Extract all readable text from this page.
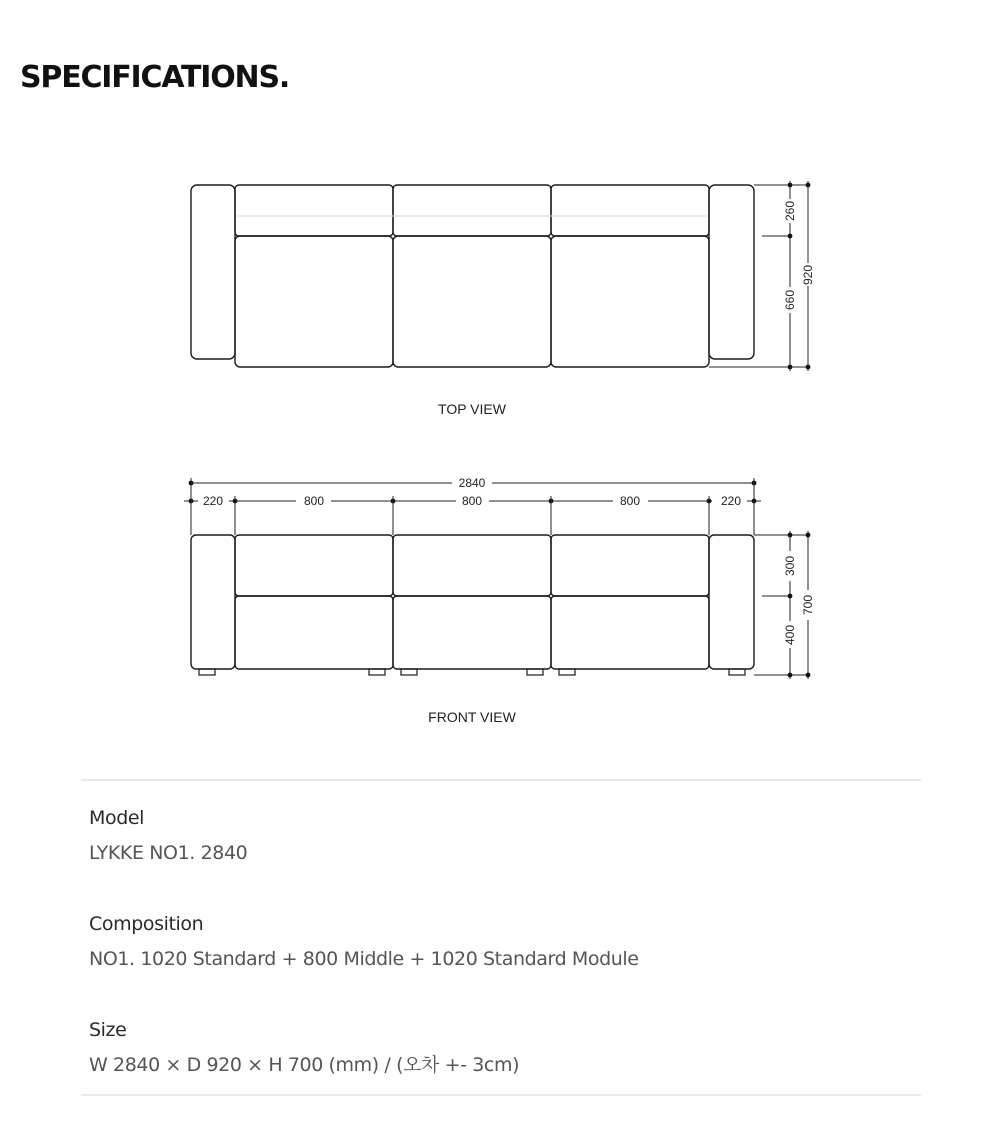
SPECIFICATIONS.
260
660
920
TOP VIEW
2840
220	800	800	800	220
300
400
700
FRONT VIEW
Model
LYKKE NO1. 2840
Composition
NO1. 1020 Standard + 800 Middle + 1020 Standard Module
Size
W 2840 × D 920 × H 700 (mm) / (오차 +- 3cm)
